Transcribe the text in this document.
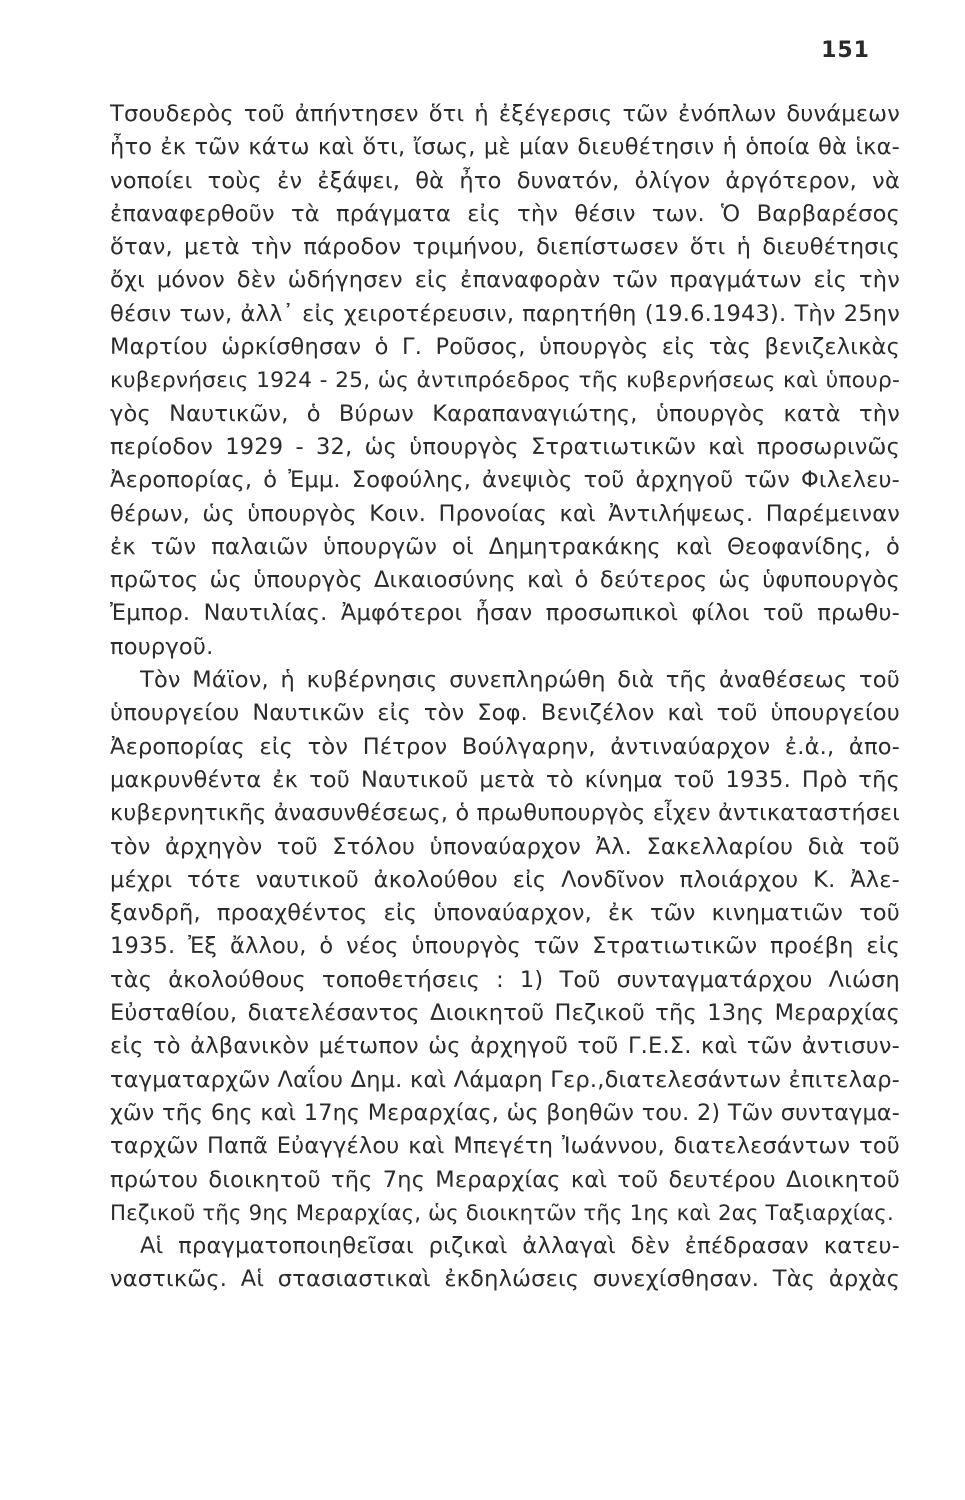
151
Τσουδερὸς τοῦ ἀπήντησεν ὅτι ἡ ἐξέγερσις τῶν ἐνόπλων δυνάμεων
ἦτο ἐκ τῶν κάτω καὶ ὅτι, ἴσως, μὲ μίαν διευθέτησιν ἡ ὁποία θὰ ἱκα-
νοποίει τοὺς ἐν ἐξάψει, θὰ ἦτο δυνατόν, ὀλίγον ἀργότερον, νὰ
ἐπαναφερθοῦν τὰ πράγματα εἰς τὴν θέσιν των. Ὁ Βαρβαρέσος
ὅταν, μετὰ τὴν πάροδον τριμήνου, διεπίστωσεν ὅτι ἡ διευθέτησις
ὄχι μόνον δὲν ὡδήγησεν εἰς ἐπαναφορὰν τῶν πραγμάτων εἰς τὴν
θέσιν των, ἀλλ᾽ εἰς χειροτέρευσιν, παρητήθη (19.6.1943). Τὴν 25ην
Μαρτίου ὡρκίσθησαν ὁ Γ. Ροῦσος, ὑπουργὸς εἰς τὰς βενιζελικὰς
κυβερνήσεις 1924 - 25, ὡς ἀντιπρόεδρος τῆς κυβερνήσεως καὶ ὑπουρ-
γὸς Ναυτικῶν, ὁ Βύρων Καραπαναγιώτης, ὑπουργὸς κατὰ τὴν
περίοδον 1929 - 32, ὡς ὑπουργὸς Στρατιωτικῶν καὶ προσωρινῶς
Ἀεροπορίας, ὁ Ἐμμ. Σοφούλης, ἀνεψιὸς τοῦ ἀρχηγοῦ τῶν Φιλελευ-
θέρων, ὡς ὑπουργὸς Κοιν. Προνοίας καὶ Ἀντιλήψεως. Παρέμειναν
ἐκ τῶν παλαιῶν ὑπουργῶν οἱ Δημητρακάκης καὶ Θεοφανίδης, ὁ
πρῶτος ὡς ὑπουργὸς Δικαιοσύνης καὶ ὁ δεύτερος ὡς ὑφυπουργὸς
Ἐμπορ. Ναυτιλίας. Ἀμφότεροι ἦσαν προσωπικοὶ φίλοι τοῦ πρωθυ-
πουργοῦ.
Τὸν Μάϊον, ἡ κυβέρνησις συνεπληρώθη διὰ τῆς ἀναθέσεως τοῦ
ὑπουργείου Ναυτικῶν εἰς τὸν Σοφ. Βενιζέλον καὶ τοῦ ὑπουργείου
Ἀεροπορίας εἰς τὸν Πέτρον Βούλγαρην, ἀντιναύαρχον ἐ.ἀ., ἀπο-
μακρυνθέντα ἐκ τοῦ Ναυτικοῦ μετὰ τὸ κίνημα τοῦ 1935. Πρὸ τῆς
κυβερνητικῆς ἀνασυνθέσεως, ὁ πρωθυπουργὸς εἶχεν ἀντικαταστήσει
τὸν ἀρχηγὸν τοῦ Στόλου ὑποναύαρχον Ἀλ. Σακελλαρίου διὰ τοῦ
μέχρι τότε ναυτικοῦ ἀκολούθου εἰς Λονδῖνον πλοιάρχου Κ. Ἀλε-
ξανδρῆ, προαχθέντος εἰς ὑποναύαρχον, ἐκ τῶν κινηματιῶν τοῦ
1935. Ἐξ ἄλλου, ὁ νέος ὑπουργὸς τῶν Στρατιωτικῶν προέβη εἰς
τὰς ἀκολούθους τοποθετήσεις : 1) Τοῦ συνταγματάρχου Λιώση
Εὐσταθίου, διατελέσαντος Διοικητοῦ Πεζικοῦ τῆς 13ης Μεραρχίας
εἰς τὸ ἀλβανικὸν μέτωπον ὡς ἀρχηγοῦ τοῦ Γ.Ε.Σ. καὶ τῶν ἀντισυν-
ταγματαρχῶν Λαΐου Δημ. καὶ Λάμαρη Γερ.,διατελεσάντων ἐπιτελαρ-
χῶν τῆς 6ης καὶ 17ης Μεραρχίας, ὡς βοηθῶν του. 2) Τῶν συνταγμα-
ταρχῶν Παπᾶ Εὐαγγέλου καὶ Μπεγέτη Ἰωάννου, διατελεσάντων τοῦ
πρώτου διοικητοῦ τῆς 7ης Μεραρχίας καὶ τοῦ δευτέρου Διοικητοῦ
Πεζικοῦ τῆς 9ης Μεραρχίας, ὡς διοικητῶν τῆς 1ης καὶ 2ας Ταξιαρχίας.
Αἱ πραγματοποιηθεῖσαι ριζικαὶ ἀλλαγαὶ δὲν ἐπέδρασαν κατευ-
ναστικῶς. Αἱ στασιαστικαὶ ἐκδηλώσεις συνεχίσθησαν. Τὰς ἀρχὰς
